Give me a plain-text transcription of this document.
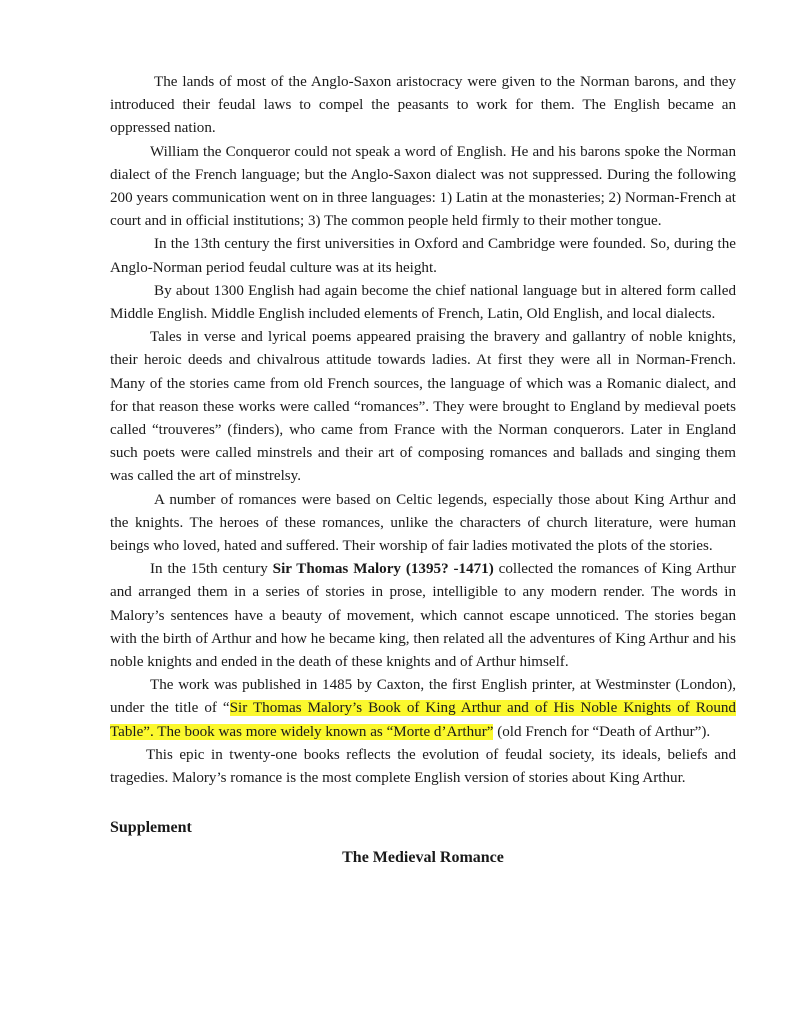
The lands of most of the Anglo-Saxon aristocracy were given to the Norman barons, and they introduced their feudal laws to compel the peasants to work for them. The English became an oppressed nation.

William the Conqueror could not speak a word of English. He and his barons spoke the Norman dialect of the French language; but the Anglo-Saxon dialect was not suppressed. During the following 200 years communication went on in three languages: 1) Latin at the monasteries; 2) Norman-French at court and in official institutions; 3) The common people held firmly to their mother tongue.

In the 13th century the first universities in Oxford and Cambridge were founded. So, during the Anglo-Norman period feudal culture was at its height.

By about 1300 English had again become the chief national language but in altered form called Middle English. Middle English included elements of French, Latin, Old English, and local dialects.

Tales in verse and lyrical poems appeared praising the bravery and gallantry of noble knights, their heroic deeds and chivalrous attitude towards ladies. At first they were all in Norman-French. Many of the stories came from old French sources, the language of which was a Romanic dialect, and for that reason these works were called “romances”. They were brought to England by medieval poets called “trouveres” (finders), who came from France with the Norman conquerors. Later in England such poets were called minstrels and their art of composing romances and ballads and singing them was called the art of minstrelsy.

A number of romances were based on Celtic legends, especially those about King Arthur and the knights. The heroes of these romances, unlike the characters of church literature, were human beings who loved, hated and suffered. Their worship of fair ladies motivated the plots of the stories.

In the 15th century Sir Thomas Malory (1395? -1471) collected the romances of King Arthur and arranged them in a series of stories in prose, intelligible to any modern render. The words in Malory’s sentences have a beauty of movement, which cannot escape unnoticed. The stories began with the birth of Arthur and how he became king, then related all the adventures of King Arthur and his noble knights and ended in the death of these knights and of Arthur himself.

The work was published in 1485 by Caxton, the first English printer, at Westminster (London), under the title of “Sir Thomas Malory’s Book of King Arthur and of His Noble Knights of Round Table”. The book was more widely known as “Morte d’Arthur” (old French for “Death of Arthur”).

This epic in twenty-one books reflects the evolution of feudal society, its ideals, beliefs and tragedies. Malory’s romance is the most complete English version of stories about King Arthur.

Supplement

The Medieval Romance
